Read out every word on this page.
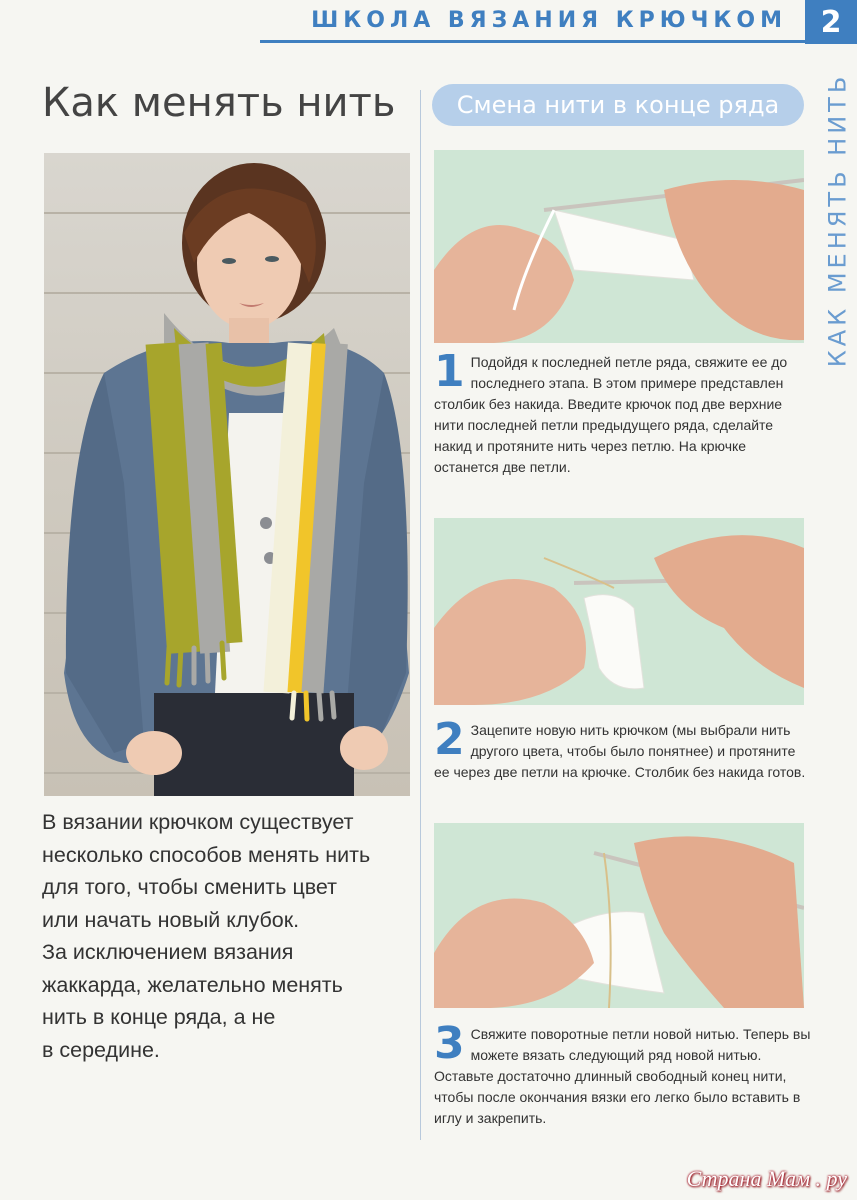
ШКОЛА ВЯЗАНИЯ КРЮЧКОМ	2
КАК МЕНЯТЬ НИТЬ
Как менять нить	Смена нити в конце ряда

В вязании крючком существует
несколько способов менять нить
для того, чтобы сменить цвет
или начать новый клубок.
За исключением вязания
жаккарда, желательно менять
нить в конце ряда, а не
в середине.

1 Подойдя к последней петле ряда, свяжите ее до последнего этапа. В этом примере представлен столбик без накида. Введите крючок под две верхние нити последней петли предыдущего ряда, сделайте накид и протяните нить через петлю. На крючке останется две петли.

2 Зацепите новую нить крючком (мы выбрали нить другого цвета, чтобы было понятнее) и протяните ее через две петли на крючке. Столбик без накида готов.

3 Свяжите поворотные петли новой нитью. Теперь вы можете вязать следующий ряд новой нитью. Оставьте достаточно длинный свободный конец нити, чтобы после окончания вязки его легко было вставить в иглу и закрепить.

Страна Мам . ру
